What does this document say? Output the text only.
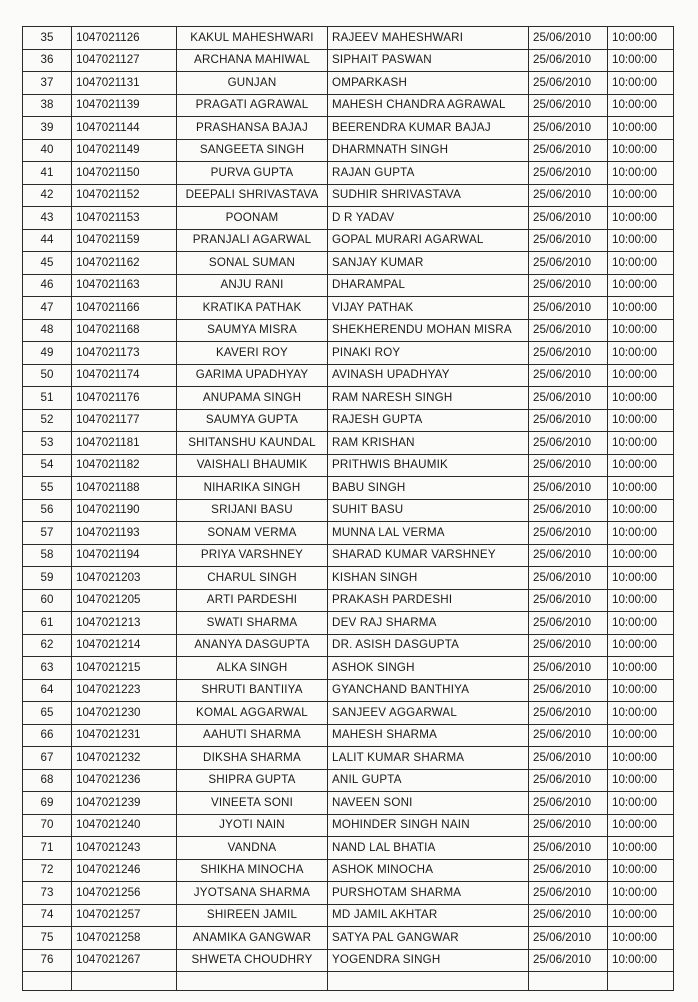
35	1047021126	KAKUL MAHESHWARI	RAJEEV MAHESHWARI	25/06/2010	10:00:00
36	1047021127	ARCHANA MAHIWAL	SIPHAIT PASWAN	25/06/2010	10:00:00
37	1047021131	GUNJAN	OMPARKASH	25/06/2010	10:00:00
38	1047021139	PRAGATI AGRAWAL	MAHESH CHANDRA AGRAWAL	25/06/2010	10:00:00
39	1047021144	PRASHANSA BAJAJ	BEERENDRA KUMAR BAJAJ	25/06/2010	10:00:00
40	1047021149	SANGEETA SINGH	DHARMNATH SINGH	25/06/2010	10:00:00
41	1047021150	PURVA GUPTA	RAJAN GUPTA	25/06/2010	10:00:00
42	1047021152	DEEPALI SHRIVASTAVA	SUDHIR SHRIVASTAVA	25/06/2010	10:00:00
43	1047021153	POONAM	D R YADAV	25/06/2010	10:00:00
44	1047021159	PRANJALI AGARWAL	GOPAL MURARI AGARWAL	25/06/2010	10:00:00
45	1047021162	SONAL SUMAN	SANJAY KUMAR	25/06/2010	10:00:00
46	1047021163	ANJU RANI	DHARAMPAL	25/06/2010	10:00:00
47	1047021166	KRATIKA PATHAK	VIJAY PATHAK	25/06/2010	10:00:00
48	1047021168	SAUMYA MISRA	SHEKHERENDU MOHAN MISRA	25/06/2010	10:00:00
49	1047021173	KAVERI ROY	PINAKI ROY	25/06/2010	10:00:00
50	1047021174	GARIMA UPADHYAY	AVINASH UPADHYAY	25/06/2010	10:00:00
51	1047021176	ANUPAMA SINGH	RAM NARESH SINGH	25/06/2010	10:00:00
52	1047021177	SAUMYA GUPTA	RAJESH GUPTA	25/06/2010	10:00:00
53	1047021181	SHITANSHU KAUNDAL	RAM KRISHAN	25/06/2010	10:00:00
54	1047021182	VAISHALI BHAUMIK	PRITHWIS BHAUMIK	25/06/2010	10:00:00
55	1047021188	NIHARIKA SINGH	BABU SINGH	25/06/2010	10:00:00
56	1047021190	SRIJANI BASU	SUHIT BASU	25/06/2010	10:00:00
57	1047021193	SONAM VERMA	MUNNA LAL VERMA	25/06/2010	10:00:00
58	1047021194	PRIYA VARSHNEY	SHARAD KUMAR VARSHNEY	25/06/2010	10:00:00
59	1047021203	CHARUL SINGH	KISHAN SINGH	25/06/2010	10:00:00
60	1047021205	ARTI PARDESHI	PRAKASH PARDESHI	25/06/2010	10:00:00
61	1047021213	SWATI SHARMA	DEV RAJ SHARMA	25/06/2010	10:00:00
62	1047021214	ANANYA DASGUPTA	DR. ASISH DASGUPTA	25/06/2010	10:00:00
63	1047021215	ALKA SINGH	ASHOK SINGH	25/06/2010	10:00:00
64	1047021223	SHRUTI BANTIIYA	GYANCHAND BANTHIYA	25/06/2010	10:00:00
65	1047021230	KOMAL AGGARWAL	SANJEEV AGGARWAL	25/06/2010	10:00:00
66	1047021231	AAHUTI SHARMA	MAHESH SHARMA	25/06/2010	10:00:00
67	1047021232	DIKSHA SHARMA	LALIT KUMAR SHARMA	25/06/2010	10:00:00
68	1047021236	SHIPRA GUPTA	ANIL GUPTA	25/06/2010	10:00:00
69	1047021239	VINEETA SONI	NAVEEN SONI	25/06/2010	10:00:00
70	1047021240	JYOTI NAIN	MOHINDER SINGH NAIN	25/06/2010	10:00:00
71	1047021243	VANDNA	NAND LAL BHATIA	25/06/2010	10:00:00
72	1047021246	SHIKHA MINOCHA	ASHOK MINOCHA	25/06/2010	10:00:00
73	1047021256	JYOTSANA SHARMA	PURSHOTAM SHARMA	25/06/2010	10:00:00
74	1047021257	SHIREEN JAMIL	MD JAMIL AKHTAR	25/06/2010	10:00:00
75	1047021258	ANAMIKA GANGWAR	SATYA PAL GANGWAR	25/06/2010	10:00:00
76	1047021267	SHWETA CHOUDHRY	YOGENDRA SINGH	25/06/2010	10:00:00
